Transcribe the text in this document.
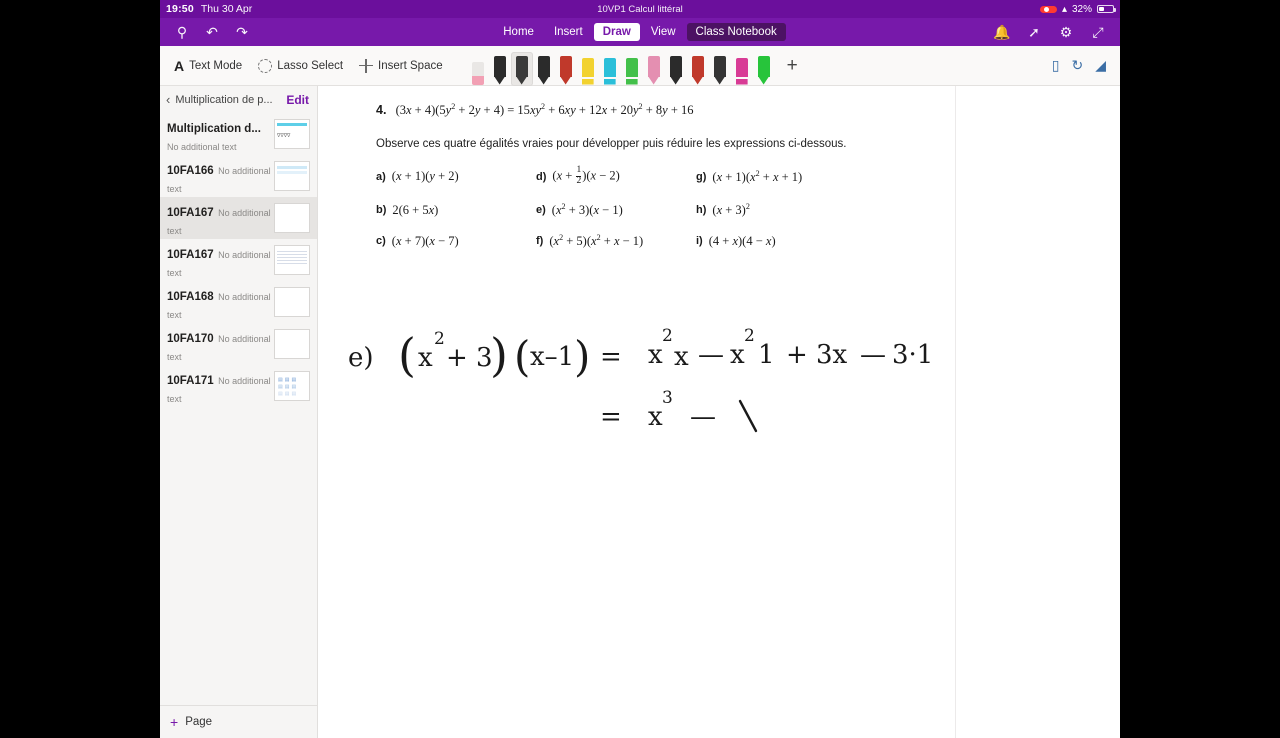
19:50 Thu 30 Apr	10VP1 Calcul littéral	▴ 32%
⚲	↶	↷	Home	Insert	Draw	View	Class Notebook	🔔	➚	⚙	⤢
A Text Mode	Lasso Select	Insert Space ⌄	+	▯ ↻ ◢
‹ Multiplication de p...	Edit
Multiplication d... No additional text
∇∇∇∇
10FA166 No additional text
10FA167 No additional text
10FA167 No additional text
10FA168 No additional text
10FA170 No additional text
10FA171 No additional text
▤▤▤
▤▤▤
▤▤▤
+ Page
4. $(3x + 4)(5y^2 + 2y + 4) = 15xy^2 + 6xy + 12x + 20y^2 + 8y + 16$
Observe ces quatre égalités vraies pour développer puis réduire les expressions ci-dessous.
a) (x + 1)(y + 2)	d) $(x + \frac{1}{2} )(x - 2)$	g) $(x + 1)(x^2 + x + 1)$
b) 2(6 + 5x)	e) $(x^2 + 3)(x - 1)$	h) $(x + 3)^2$
c) (x + 7)(x − 7)	f) $(x^2 + 5)(x^2 + x - 1)$	i) (4 + x)(4 − x)
e) ( x
2
+ 3
) ( x–1 ) = x
2
x — x
2
1 + 3x — 3·1
= x
3
—
